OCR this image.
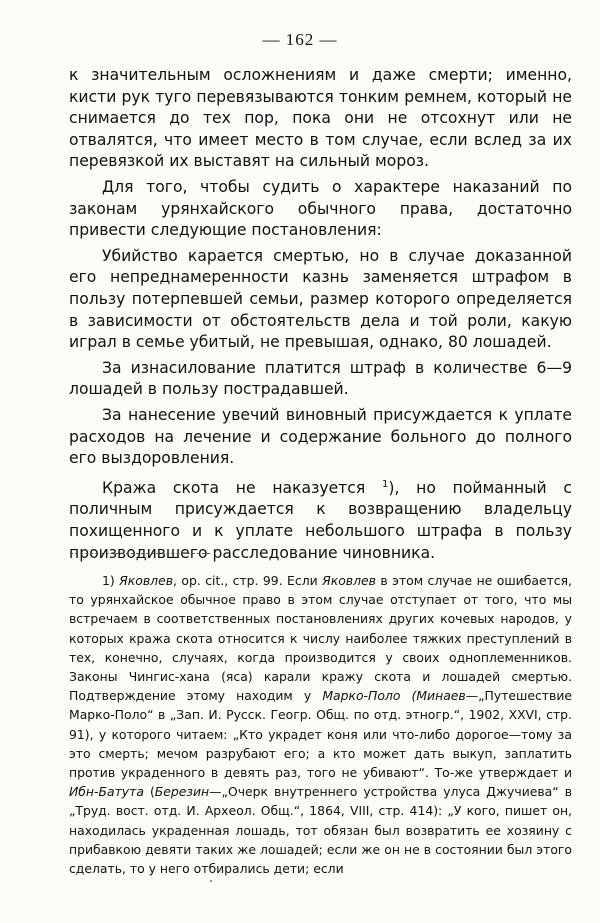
— 162 —

к значительным осложнениям и даже смерти; именно, кисти рук туго перевязываются тонким ремнем, который не снимается до тех пор, пока они не отсохнут или не отвалятся, что имеет место в том случае, если вслед за их перевязкой их выставят на сильный мороз.

Для того, чтобы судить о характере наказаний по законам урянхайского обычного права, достаточно привести следующие постановления:

Убийство карается смертью, но в случае доказанной его непреднамеренности казнь заменяется штрафом в пользу потерпевшей семьи, размер которого определяется в зависимости от обстоятельств дела и той роли, какую играл в семье убитый, не превышая, однако, 80 лошадей.

За изнасилование платится штраф в количестве 6—9 лошадей в пользу пострадавшей.

За нанесение увечий виновный присуждается к уплате расходов на лечение и содержание больного до полного его выздоровления.

Кража скота не наказуется $^1$), но пойманный с поличным присуждается к возвращению владельцу похищенного и к уплате небольшого штрафа в пользу производившего расследование чиновника.

1) Яковлев, op. cit., стр. 99. Если Яковлев в этом случае не ошибается, то урянхайское обычное право в этом случае отступает от того, что мы встречаем в соответственных постановлениях других кочевых народов, у которых кража скота относится к числу наиболее тяжких преступлений в тех, конечно, случаях, когда производится у своих одноплеменников. Законы Чингис-хана (яса) карали кражу скота и лошадей смертью. Подтверждение этому находим у Марко-Поло (Минаев—„Путешествие Марко-Поло“ в „Зап. И. Русск. Геогр. Общ. по отд. этногр.“, 1902, XXVI, стр. 91), у которого читаем: „Кто украдет коня или что-либо дорогое—тому за это смерть; мечом разрубают его; а кто может дать выкуп, заплатить против украденного в девять раз, того не убивают“. То-же утверждает и Ибн-Батута (Березин—„Очерк внутреннего устройства улуса Джучиева“ в „Труд. вост. отд. И. Археол. Общ.“, 1864, VIII, стр. 414): „У кого, пишет он, находилась украденная лошадь, тот обязан был возвратить ее хозяину с прибавкою девяти таких же лошадей; если же он не в состоянии был этого сделать, то у него отбирались дети; если
